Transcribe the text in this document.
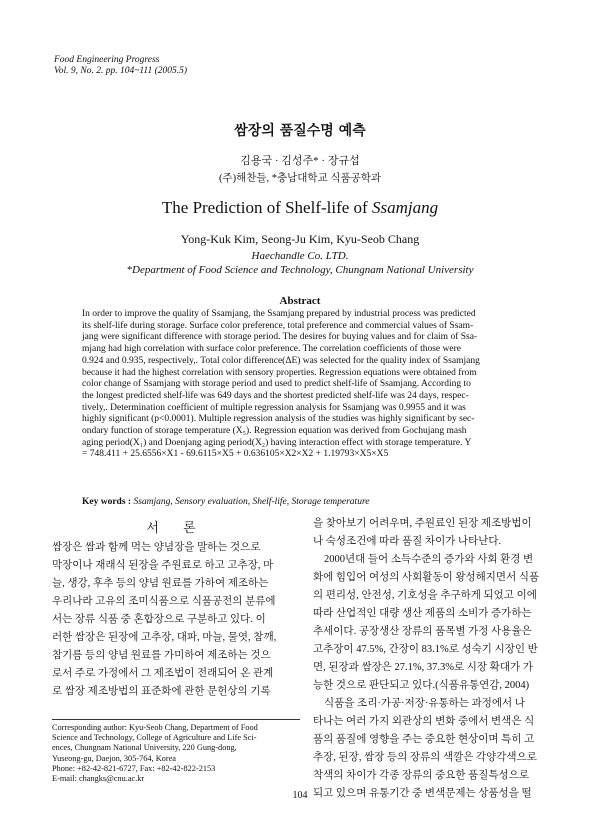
Food Engineering Progress
Vol. 9, No. 2. pp. 104~111 (2005.5)
쌈장의 품질수명 예측
김용국 · 김성주* · 장규섭
(주)해찬들, *충남대학교 식품공학과
The Prediction of Shelf-life of Ssamjang
Yong-Kuk Kim, Seong-Ju Kim, Kyu-Seob Chang
Haechandle Co. LTD.
*Department of Food Science and Technology, Chungnam National University
Abstract
In order to improve the quality of Ssamjang, the Ssamjang prepared by industrial process was predicted
its shelf-life during storage. Surface color preference, total preference and commercial values of Ssam-
jang were significant difference with storage period. The desires for buying values and for claim of Ssa-
mjang had high correlation with surface color preference. The correlation coefficients of those were
0.924 and 0.935, respectively,. Total color difference(ΔE) was selected for the quality index of Ssamjang
because it had the highest correlation with sensory properties. Regression equations were obtained from
color change of Ssamjang with storage period and used to predict shelf-life of Ssamjang. According to
the longest predicted shelf-life was 649 days and the shortest predicted shelf-life was 24 days, respec-
tively,. Determination coefficient of multiple regression analysis for Ssamjang was 0.9955 and it was
highly significant (p<0.0001). Multiple regression analysis of the studies was highly significant by sec-
ondary function of storage temperature (X₅). Regression equation was derived from Gochujang mash
aging period(X₁) and Doenjang aging period(X₂) having interaction effect with storage temperature. Y
= 748.411 + 25.6556×X1 - 69.6115×X5 + 0.636105×X2×X2 + 1.19793×X5×X5
Key words : Ssamjang, Sensory evaluation, Shelf-life, Storage temperature
서 론
쌈장은 쌈과 함께 먹는 양념장을 말하는 것으로
막장이나 재래식 된장을 주원료로 하고 고추장, 마
늘, 생강, 후추 등의 양념 원료를 가하여 제조하는
우리나라 고유의 조미식품으로 식품공전의 분류에
서는 장류 식품 중 혼합장으로 구분하고 있다. 이
러한 쌈장은 된장에 고추장, 대파, 마늘, 물엿, 참깨,
참기름 등의 양념 원료를 가미하여 제조하는 것으
로서 주로 가정에서 그 제조법이 전래되어 온 관계
로 쌈장 제조방법의 표준화에 관한 문헌상의 기록
Corresponding author: Kyu-Seob Chang, Department of Food
Science and Technology, College of Agriculture and Life Sci-
ences, Chungnam National University, 220 Gung-dong,
Yuseong-gu, Daejon, 305-764, Korea
Phone: +82-42-821-6727, Fax: +82-42-822-2153
E-mail: changks@cnu.ac.kr
을 찾아보기 어려우며, 주원료인 된장 제조방법이
나 숙성조건에 따라 품질 차이가 나타난다.
2000년대 들어 소득수준의 증가와 사회 환경 변
화에 힘입어 여성의 사회활동이 왕성해지면서 식품
의 편리성, 안전성, 기호성을 추구하게 되었고 이에
따라 산업적인 대량 생산 제품의 소비가 증가하는
추세이다. 공장생산 장류의 품목별 가정 사용율은
고추장이 47.5%, 간장이 83.1%로 성숙기 시장인 반
면, 된장과 쌈장은 27.1%, 37.3%로 시장 확대가 가
능한 것으로 판단되고 있다.(식품유통연감, 2004)
식품을 조리·가공·저장·유통하는 과정에서 나
타나는 여러 가지 외관상의 변화 중에서 변색은 식
품의 품질에 영향을 주는 중요한 현상이며 특히 고
추장, 된장, 쌈장 등의 장류의 색깔은 각양각색으로
착색의 차이가 각종 장류의 중요한 품질특성으로
되고 있으며 유통기간 중 변색문제는 상품성을 떨
104
